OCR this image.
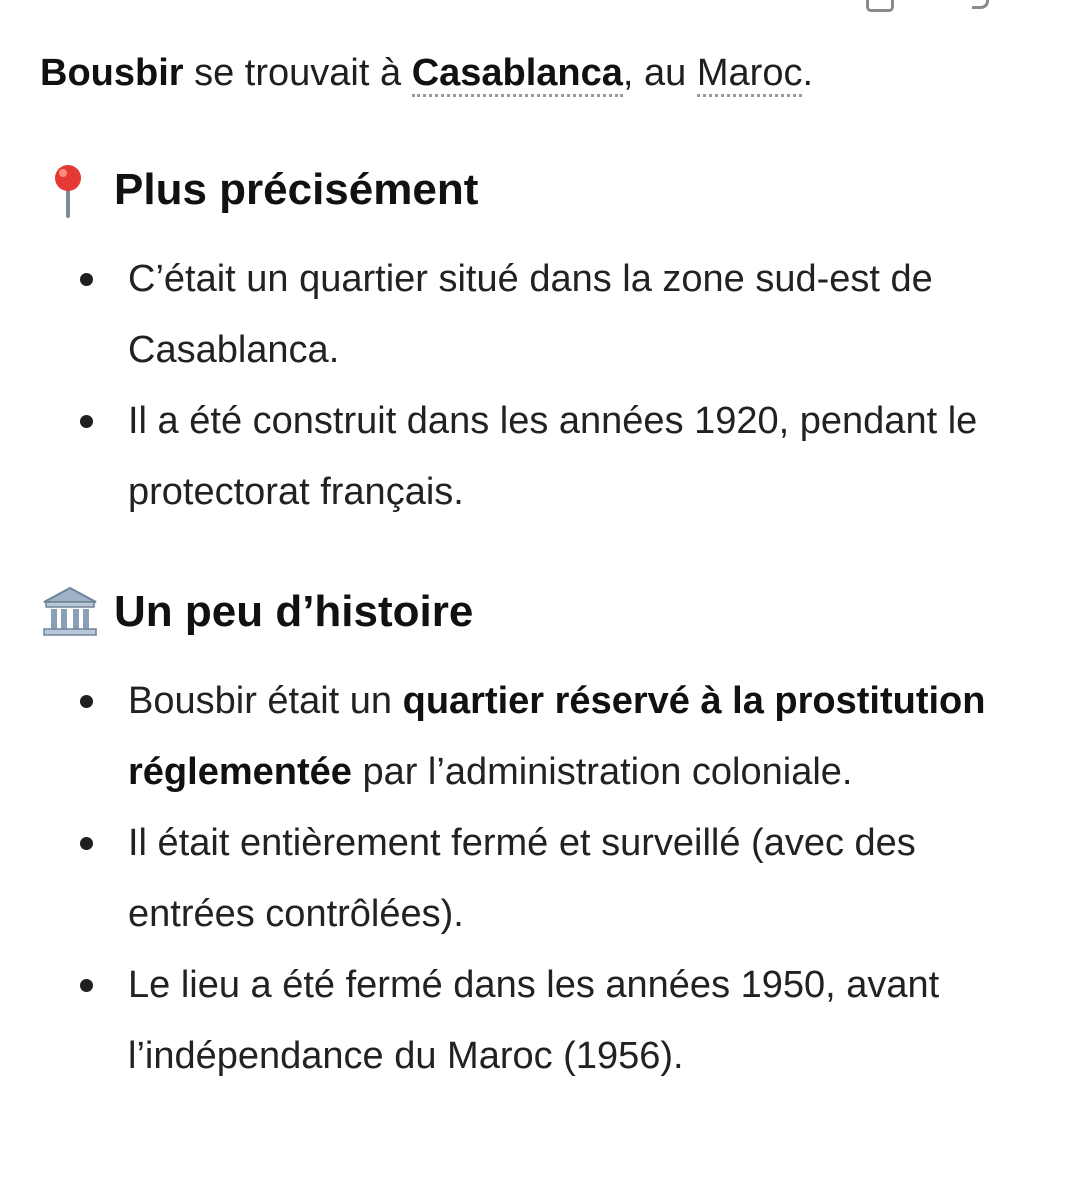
Bousbir se trouvait à Casablanca, au Maroc.
Plus précisément
C’était un quartier situé dans la zone sud-est de Casablanca.
Il a été construit dans les années 1920, pendant le protectorat français.
Un peu d’histoire
Bousbir était un quartier réservé à la prostitution réglementée par l’administration coloniale.
Il était entièrement fermé et surveillé (avec des entrées contrôlées).
Le lieu a été fermé dans les années 1950, avant l’indépendance du Maroc (1956).
